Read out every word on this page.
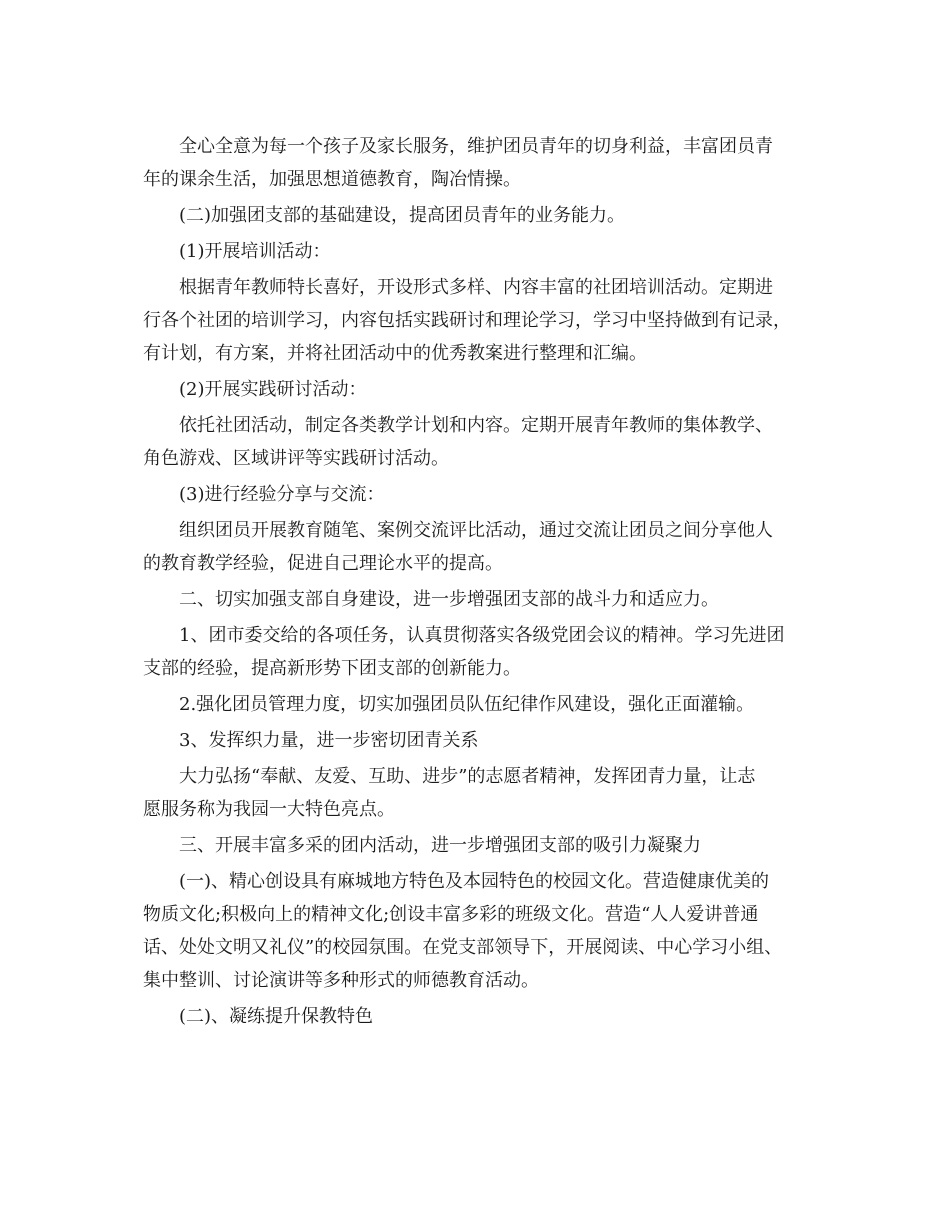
全心全意为每一个孩子及家长服务，维护团员青年的切身利益，丰富团员青
年的课余生活，加强思想道德教育，陶冶情操。
(二)加强团支部的基础建设，提高团员青年的业务能力。
(1)开展培训活动：
根据青年教师特长喜好，开设形式多样、内容丰富的社团培训活动。定期进
行各个社团的培训学习，内容包括实践研讨和理论学习，学习中坚持做到有记录，
有计划，有方案，并将社团活动中的优秀教案进行整理和汇编。
(2)开展实践研讨活动：
依托社团活动，制定各类教学计划和内容。定期开展青年教师的集体教学、
角色游戏、区域讲评等实践研讨活动。
(3)进行经验分享与交流：
组织团员开展教育随笔、案例交流评比活动，通过交流让团员之间分享他人
的教育教学经验，促进自己理论水平的提高。
二、切实加强支部自身建设，进一步增强团支部的战斗力和适应力。
1、团市委交给的各项任务，认真贯彻落实各级党团会议的精神。学习先进团
支部的经验，提高新形势下团支部的创新能力。
2.强化团员管理力度，切实加强团员队伍纪律作风建设，强化正面灌输。
3、发挥织力量，进一步密切团青关系
大力弘扬“奉献、友爱、互助、进步”的志愿者精神，发挥团青力量，让志
愿服务称为我园一大特色亮点。
三、开展丰富多采的团内活动，进一步增强团支部的吸引力凝聚力
(一)、精心创设具有麻城地方特色及本园特色的校园文化。营造健康优美的
物质文化;积极向上的精神文化;创设丰富多彩的班级文化。营造“人人爱讲普通
话、处处文明又礼仪”的校园氛围。在党支部领导下，开展阅读、中心学习小组、
集中整训、讨论演讲等多种形式的师德教育活动。
(二)、凝练提升保教特色
